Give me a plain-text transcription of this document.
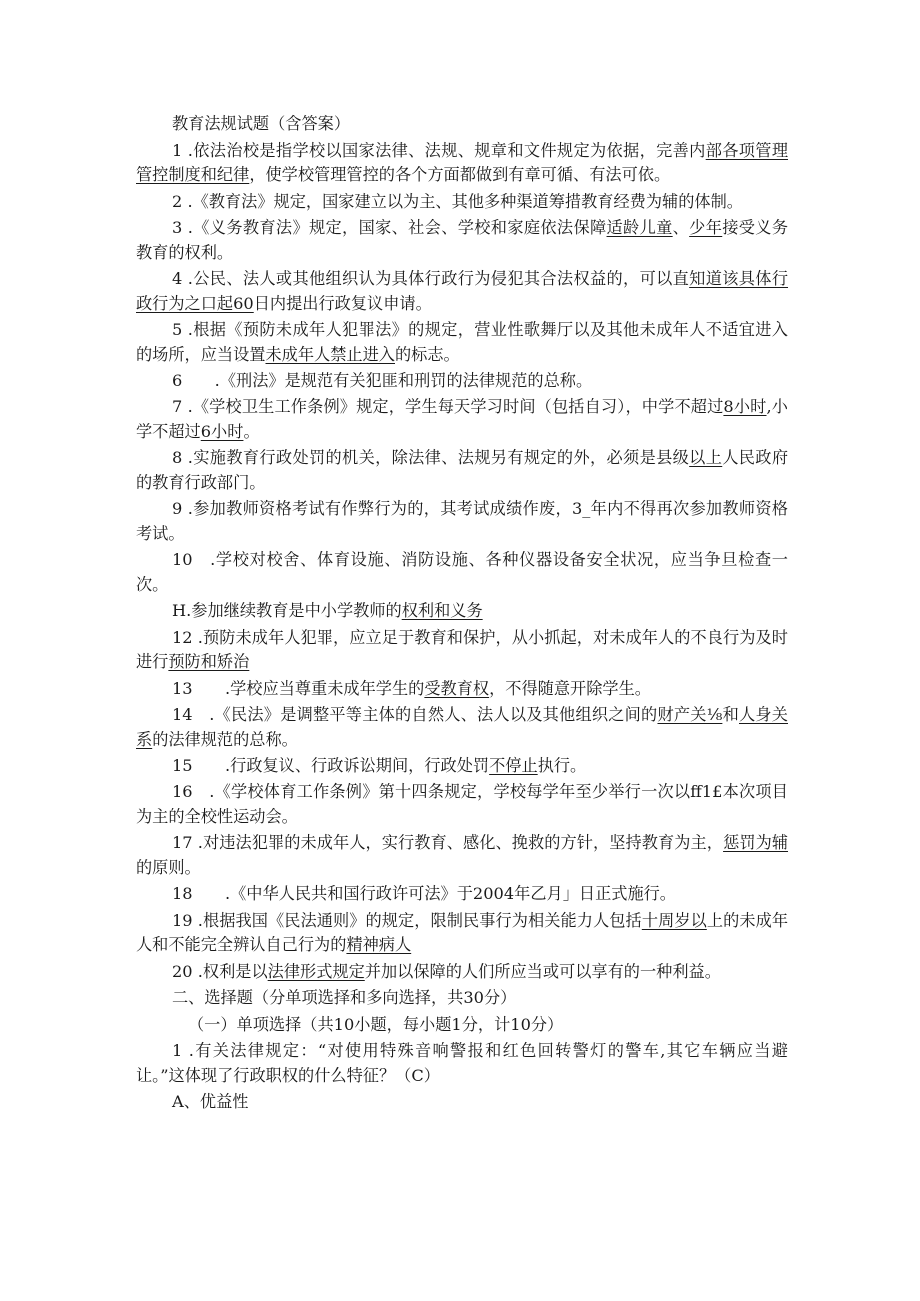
教育法规试题（含答案）

1 .依法治校是指学校以国家法律、法规、规章和文件规定为依据，完善内部各项管理管控制度和纪律，使学校管理管控的各个方面都做到有章可循、有法可依。

2 .《教育法》规定，国家建立以为主、其他多种渠道筹措教育经费为辅的体制。

3 .《义务教育法》规定，国家、社会、学校和家庭依法保障适龄儿童、少年接受义务教育的权利。

4 .公民、法人或其他组织认为具体行政行为侵犯其合法权益的，可以直知道该具体行政行为之口起60日内提出行政复议申请。

5 .根据《预防未成年人犯罪法》的规定，营业性歌舞厅以及其他未成年人不适宜进入的场所，应当设置未成年人禁止进入的标志。

6　　.《刑法》是规范有关犯匪和刑罚的法律规范的总称。

7 .《学校卫生工作条例》规定，学生每天学习时间（包括自习），中学不超过8小时,小学不超过6小时。

8 .实施教育行政处罚的机关，除法律、法规另有规定的外，必须是县级以上人民政府的教育行政部门。

9 .参加教师资格考试有作弊行为的，其考试成绩作废，3_年内不得再次参加教师资格考试。

10　.学校对校舍、体育设施、消防设施、各种仪器设备安全状况，应当争旦检查一次。

H.参加继续教育是中小学教师的权利和义务

12 .预防未成年人犯罪，应立足于教育和保护，从小抓起，对未成年人的不良行为及时进行预防和矫治

13　　.学校应当尊重未成年学生的受教育权，不得随意开除学生。

14　.《民法》是调整平等主体的自然人、法人以及其他组织之间的财产关⅛和人身关系的法律规范的总称。

15　　.行政复议、行政诉讼期间，行政处罚不停止执行。

16　.《学校体育工作条例》第十四条规定，学校每学年至少举行一次以ff1£本次项目为主的全校性运动会。

17 .对违法犯罪的未成年人，实行教育、感化、挽救的方针，坚持教育为主，惩罚为辅的原则。

18　　.《中华人民共和国行政许可法》于2004年乙月」日正式施行。

19 .根据我国《民法通则》的规定，限制民事行为相关能力人包括十周岁以上的未成年人和不能完全辨认自己行为的精神病人

20 .权利是以法律形式规定并加以保障的人们所应当或可以享有的一种利益。

二、选择题（分单项选择和多向选择，共30分）

（一）单项选择（共10小题，每小题1分，计10分）

1 .有关法律规定：“对使用特殊音响警报和红色回转警灯的警车,其它车辆应当避让。”这体现了行政职权的什么特征？（C）

A、优益性
